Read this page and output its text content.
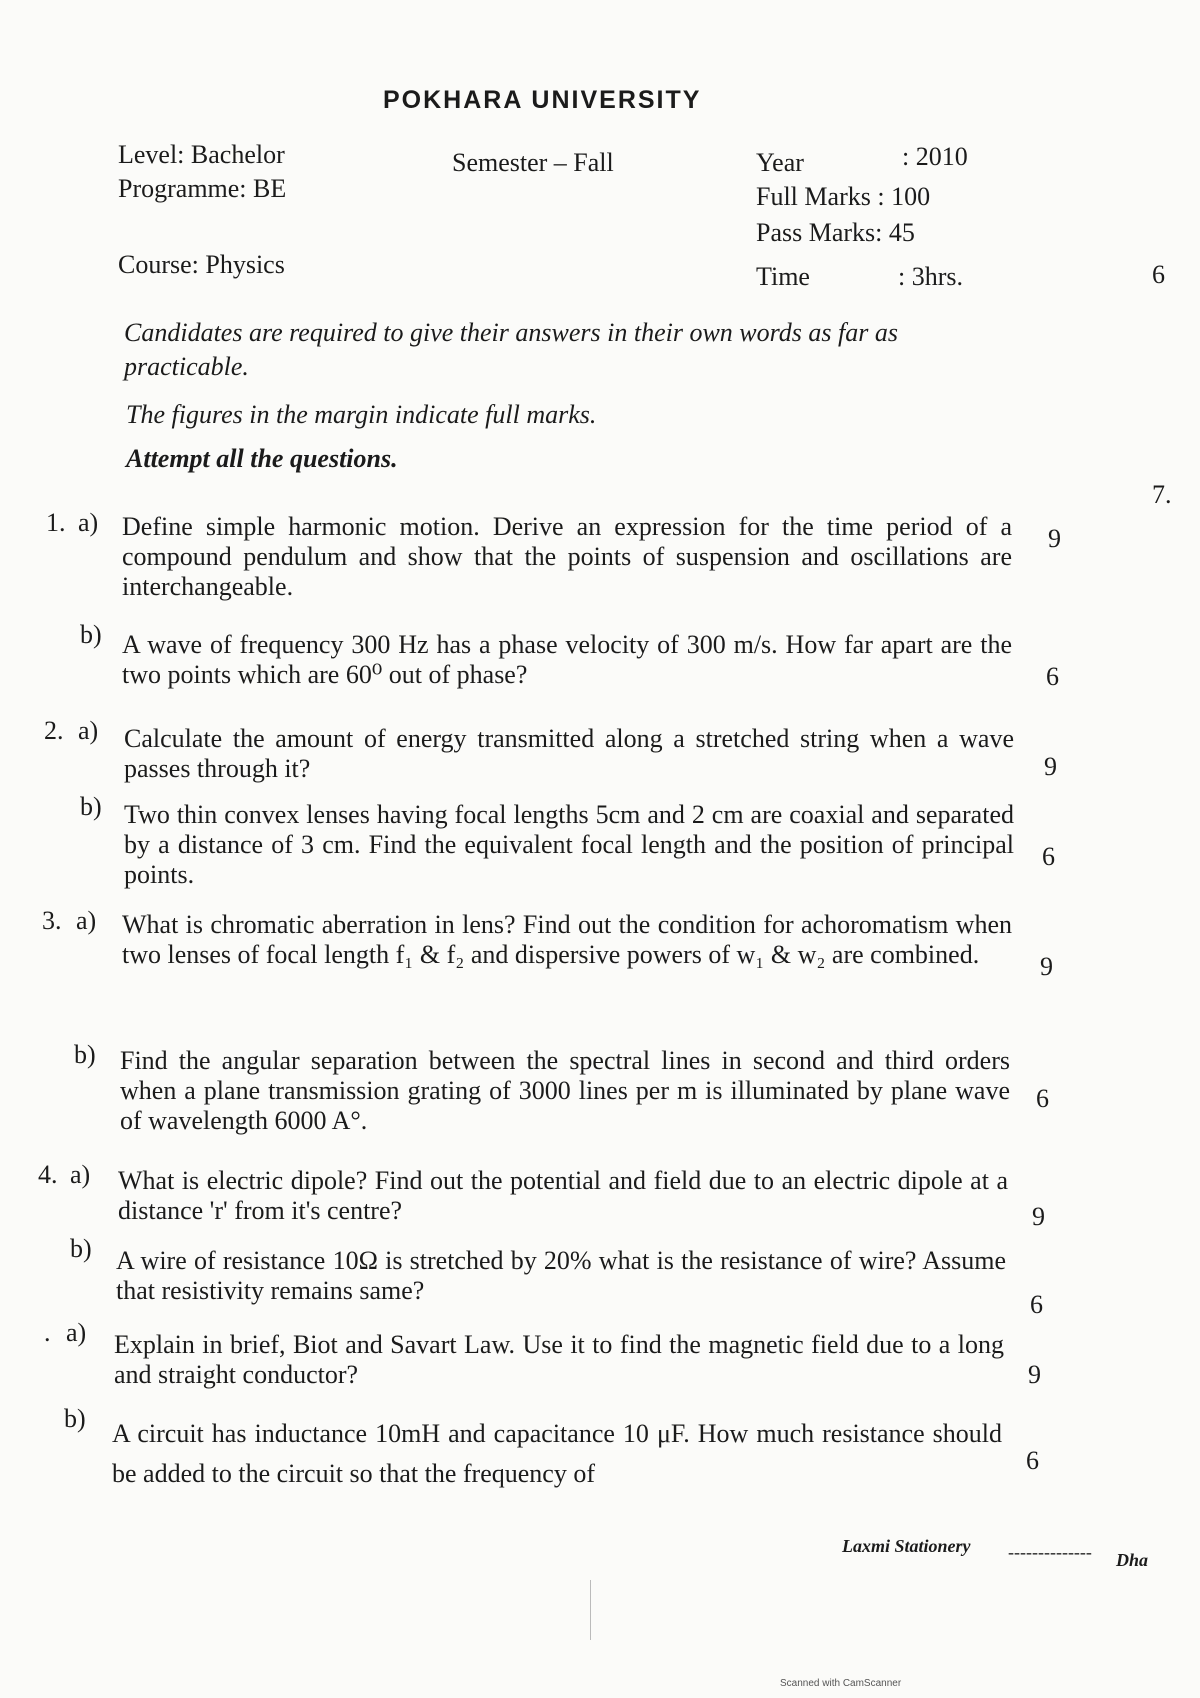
POKHARA UNIVERSITY
Level: Bachelor
Programme: BE
Course: Physics
Semester – Fall	Year	: 2010
Full Marks : 100
Pass Marks: 45
Time	: 3hrs.	6
7.
Candidates are required to give their answers in their own words as far as practicable.
The figures in the margin indicate full marks.
Attempt all the questions.
1. a) Define simple harmonic motion. Derive an expression for the time period of a compound pendulum and show that the points of suspension and oscillations are interchangeable.
9
b) A wave of frequency 300 Hz has a phase velocity of 300 m/s. How far apart are the two points which are 60⁰ out of phase?	6
2. a) Calculate the amount of energy transmitted along a stretched string when a wave passes through it?	9
b) Two thin convex lenses having focal lengths 5cm and 2 cm are coaxial and separated by a distance of 3 cm. Find the equivalent focal length and the position of principal points.
6
3. a) What is chromatic aberration in lens? Find out the condition for achoromatism when two lenses of focal length f₁ & f₂ and dispersive powers of w₁ & w₂ are combined.	9
b) Find the angular separation between the spectral lines in second and third orders when a plane transmission grating of 3000 lines per m is illuminated by plane wave of wavelength 6000 A°.
6
4. a) What is electric dipole? Find out the potential and field due to an electric dipole at a distance 'r' from it's centre?	9
b) A wire of resistance 10Ω is stretched by 20% what is the resistance of wire? Assume that resistivity remains same?	6
. a) Explain in brief, Biot and Savart Law. Use it to find the magnetic field due to a long and straight conductor?	9
b)
A circuit has inductance 10mH and capacitance 10 μF. How much resistance should be added to the circuit so that the frequency of	6
Laxmi Stationery -------------- Dha
Scanned with CamScanner
